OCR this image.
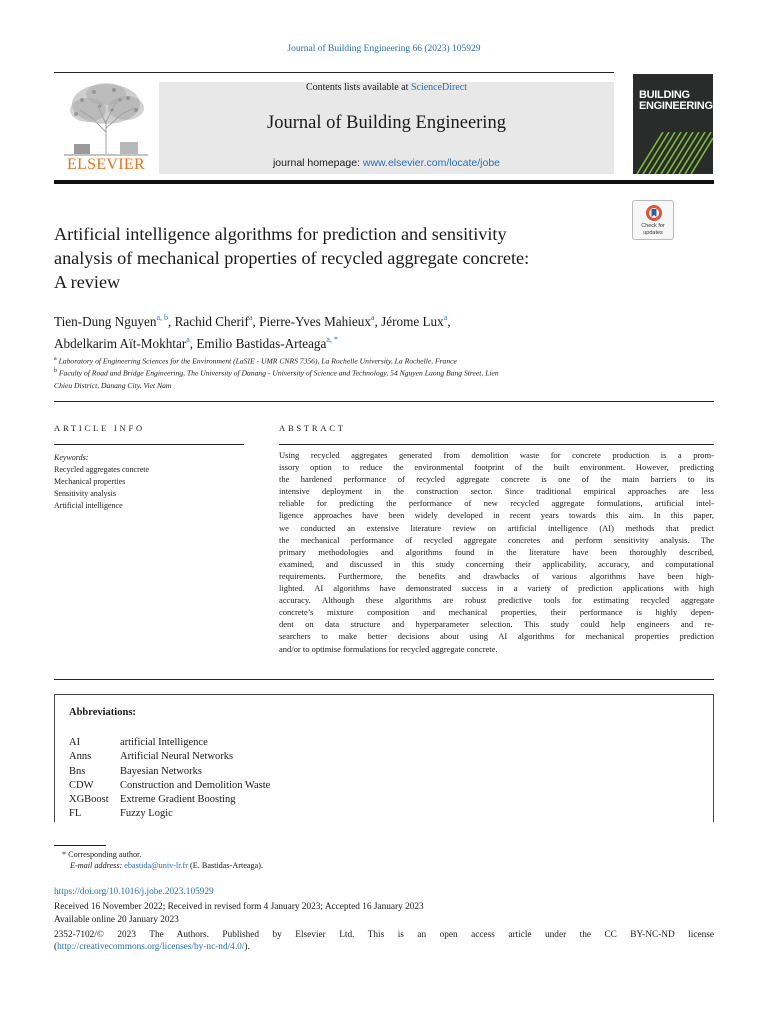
Journal of Building Engineering 66 (2023) 105929
ELSEVIER
Contents lists available at ScienceDirect
Journal of Building Engineering
journal homepage: www.elsevier.com/locate/jobe
BUILDING
ENGINEERING
Check for
updates
Artificial intelligence algorithms for prediction and sensitivity
analysis of mechanical properties of recycled aggregate concrete:
A review
Tien-Dung Nguyen$^{a, b}$, Rachid Cherif$^a$, Pierre-Yves Mahieux$^a$, Jérome Lux$^a$,
Abdelkarim Aït-Mokhtar$^a$, Emilio Bastidas-Arteaga$^{a, *}$
$^a$ Laboratory of Engineering Sciences for the Environment (LaSIE - UMR CNRS 7356), La Rochelle University, La Rochelle, France
$^b$ Faculty of Road and Bridge Engineering, The University of Danang - University of Science and Technology, 54 Nguyen Luong Bang Street, Lien
Chieu District, Danang City, Viet Nam
ARTICLE INFO
Keywords:
Recycled aggregates concrete
Mechanical properties
Sensitivity analysis
Artificial intelligence
ABSTRACT
Using recycled aggregates generated from demolition waste for concrete production is a prom-
issory option to reduce the environmental footprint of the built environment. However, predicting
the hardened performance of recycled aggregate concrete is one of the main barriers to its
intensive deployment in the construction sector. Since traditional empirical approaches are less
reliable for predicting the performance of new recycled aggregate formulations, artificial intel-
ligence approaches have been widely developed in recent years towards this aim. In this paper,
we conducted an extensive literature review on artificial intelligence (AI) methods that predict
the mechanical performance of recycled aggregate concretes and perform sensitivity analysis. The
primary methodologies and algorithms found in the literature have been thoroughly described,
examined, and discussed in this study concerning their applicability, accuracy, and computational
requirements. Furthermore, the benefits and drawbacks of various algorithms have been high-
lighted. AI algorithms have demonstrated success in a variety of prediction applications with high
accuracy. Although these algorithms are robust predictive tools for estimating recycled aggregate
concrete’s mixture composition and mechanical properties, their performance is highly depen-
dent on data structure and hyperparameter selection. This study could help engineers and re-
searchers to make better decisions about using AI algorithms for mechanical properties prediction
and/or to optimise formulations for recycled aggregate concrete.
Abbreviations:
AI	artificial Intelligence
Anns	Artificial Neural Networks
Bns	Bayesian Networks
CDW	Construction and Demolition Waste
XGBoost	Extreme Gradient Boosting
FL	Fuzzy Logic
* Corresponding author.
E-mail address: ebastida@univ-lr.fr (E. Bastidas-Arteaga).
https://doi.org/10.1016/j.jobe.2023.105929
Received 16 November 2022; Received in revised form 4 January 2023; Accepted 16 January 2023
Available online 20 January 2023
2352-7102/© 2023 The Authors. Published by Elsevier Ltd. This is an open access article under the CC BY-NC-ND license
(http://creativecommons.org/licenses/by-nc-nd/4.0/).
